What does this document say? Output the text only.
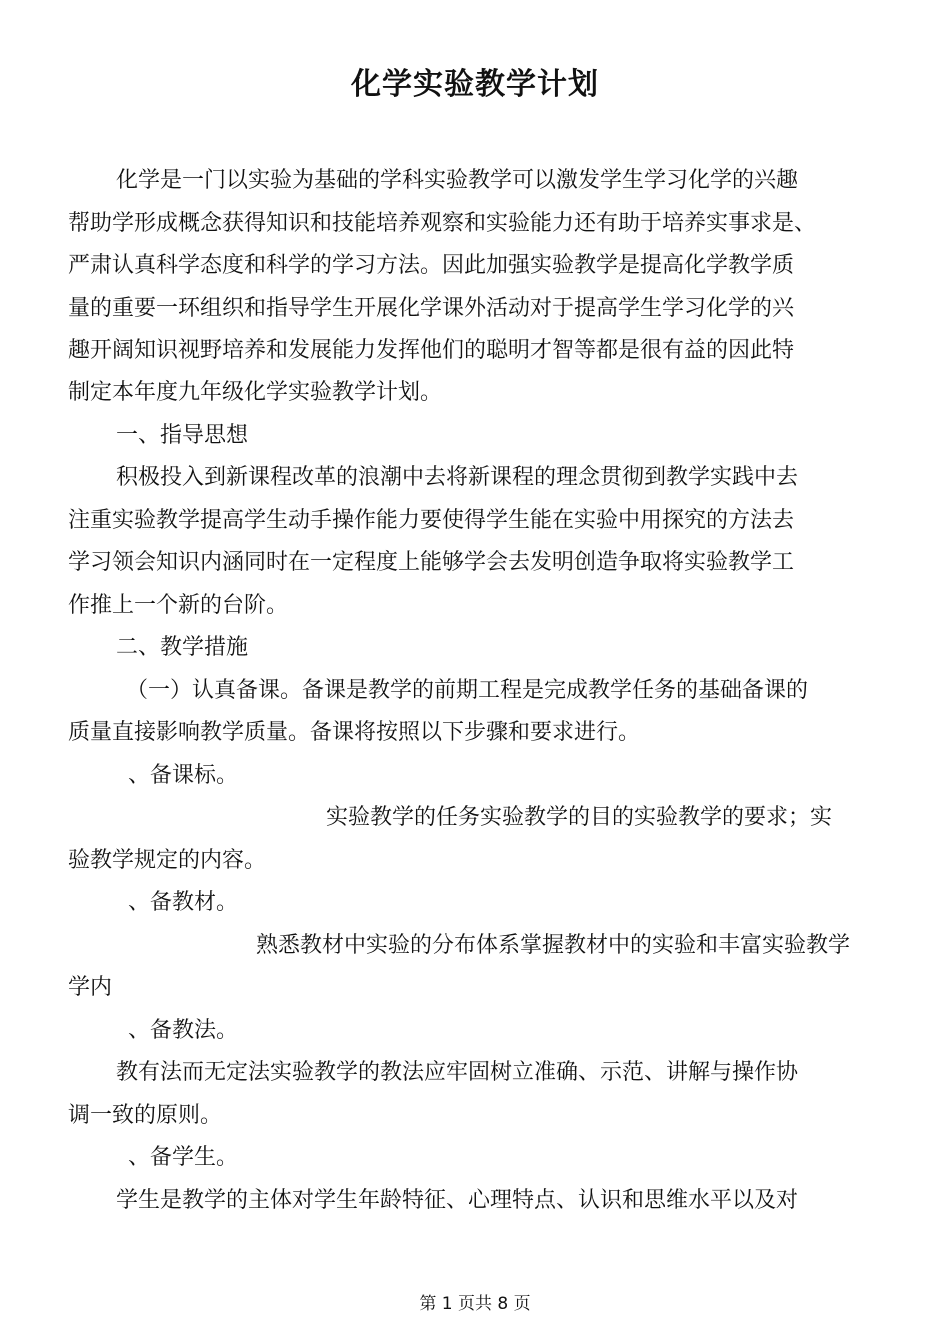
化学实验教学计划
化学是一门以实验为基础的学科实验教学可以激发学生学习化学的兴趣
帮助学形成概念获得知识和技能培养观察和实验能力还有助于培养实事求是、
严肃认真科学态度和科学的学习方法。因此加强实验教学是提高化学教学质
量的重要一环组织和指导学生开展化学课外活动对于提高学生学习化学的兴
趣开阔知识视野培养和发展能力发挥他们的聪明才智等都是很有益的因此特
制定本年度九年级化学实验教学计划。
一、指导思想
积极投入到新课程改革的浪潮中去将新课程的理念贯彻到教学实践中去
注重实验教学提高学生动手操作能力要使得学生能在实验中用探究的方法去
学习领会知识内涵同时在一定程度上能够学会去发明创造争取将实验教学工
作推上一个新的台阶。
二、教学措施
（一）认真备课。备课是教学的前期工程是完成教学任务的基础备课的
质量直接影响教学质量。备课将按照以下步骤和要求进行。
、备课标。
实验教学的任务实验教学的目的实验教学的要求；实
验教学规定的内容。
、备教材。
熟悉教材中实验的分布体系掌握教材中的实验和丰富实验教学
学内
、备教法。
教有法而无定法实验教学的教法应牢固树立准确、示范、讲解与操作协
调一致的原则。
、备学生。
学生是教学的主体对学生年龄特征、心理特点、认识和思维水平以及对
第 1 页共 8 页
